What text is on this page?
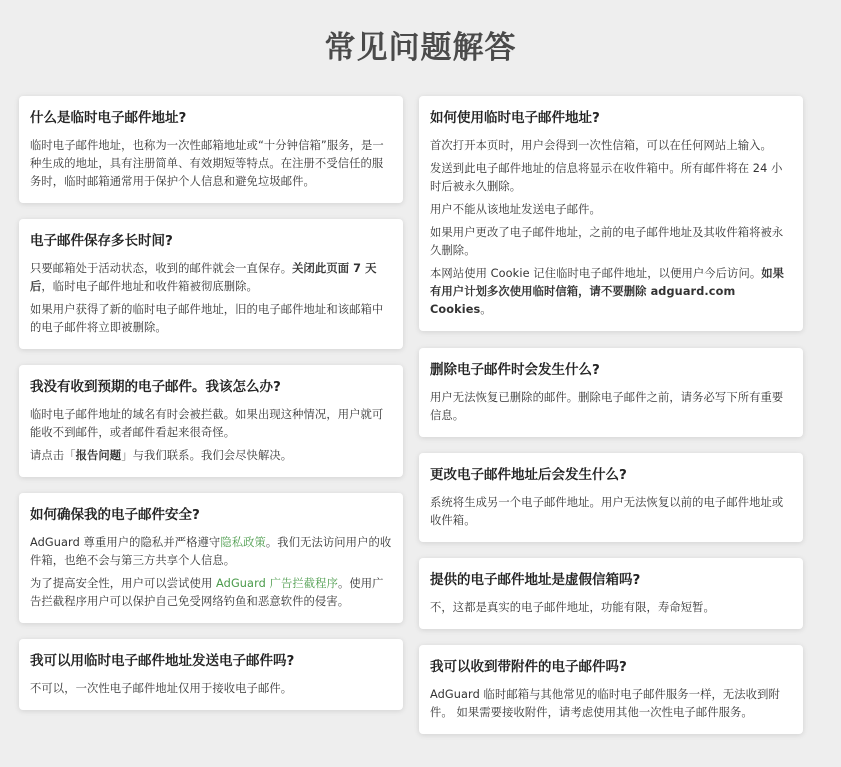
常见问题解答
什么是临时电子邮件地址?

临时电子邮件地址，也称为一次性邮箱地址或“十分钟信箱”服务，是一种生成的地址，具有注册简单、有效期短等特点。在注册不受信任的服务时，临时邮箱通常用于保护个人信息和避免垃圾邮件。

电子邮件保存多长时间?

只要邮箱处于活动状态，收到的邮件就会一直保存。关闭此页面 7 天后，临时电子邮件地址和收件箱被彻底删除。

如果用户获得了新的临时电子邮件地址，旧的电子邮件地址和该邮箱中的电子邮件将立即被删除。

我没有收到预期的电子邮件。我该怎么办?

临时电子邮件地址的域名有时会被拦截。如果出现这种情况，用户就可能收不到邮件，或者邮件看起来很奇怪。

请点击「报告问题」与我们联系。我们会尽快解决。

如何确保我的电子邮件安全?

AdGuard 尊重用户的隐私并严格遵守隐私政策。我们无法访问用户的收件箱，也绝不会与第三方共享个人信息。

为了提高安全性，用户可以尝试使用 AdGuard 广告拦截程序。使用广告拦截程序用户可以保护自己免受网络钓鱼和恶意软件的侵害。

我可以用临时电子邮件地址发送电子邮件吗?

不可以，一次性电子邮件地址仅用于接收电子邮件。

如何使用临时电子邮件地址?

首次打开本页时，用户会得到一次性信箱，可以在任何网站上输入。

发送到此电子邮件地址的信息将显示在收件箱中。所有邮件将在 24 小时后被永久删除。

用户不能从该地址发送电子邮件。

如果用户更改了电子邮件地址，之前的电子邮件地址及其收件箱将被永久删除。

本网站使用 Cookie 记住临时电子邮件地址，以便用户今后访问。如果有用户计划多次使用临时信箱，请不要删除 adguard.com Cookies。

删除电子邮件时会发生什么?

用户无法恢复已删除的邮件。删除电子邮件之前，请务必写下所有重要信息。

更改电子邮件地址后会发生什么?

系统将生成另一个电子邮件地址。用户无法恢复以前的电子邮件地址或收件箱。

提供的电子邮件地址是虚假信箱吗?

不，这都是真实的电子邮件地址，功能有限，寿命短暂。

我可以收到带附件的电子邮件吗?

AdGuard 临时邮箱与其他常见的临时电子邮件服务一样，无法收到附件。 如果需要接收附件，请考虑使用其他一次性电子邮件服务。
